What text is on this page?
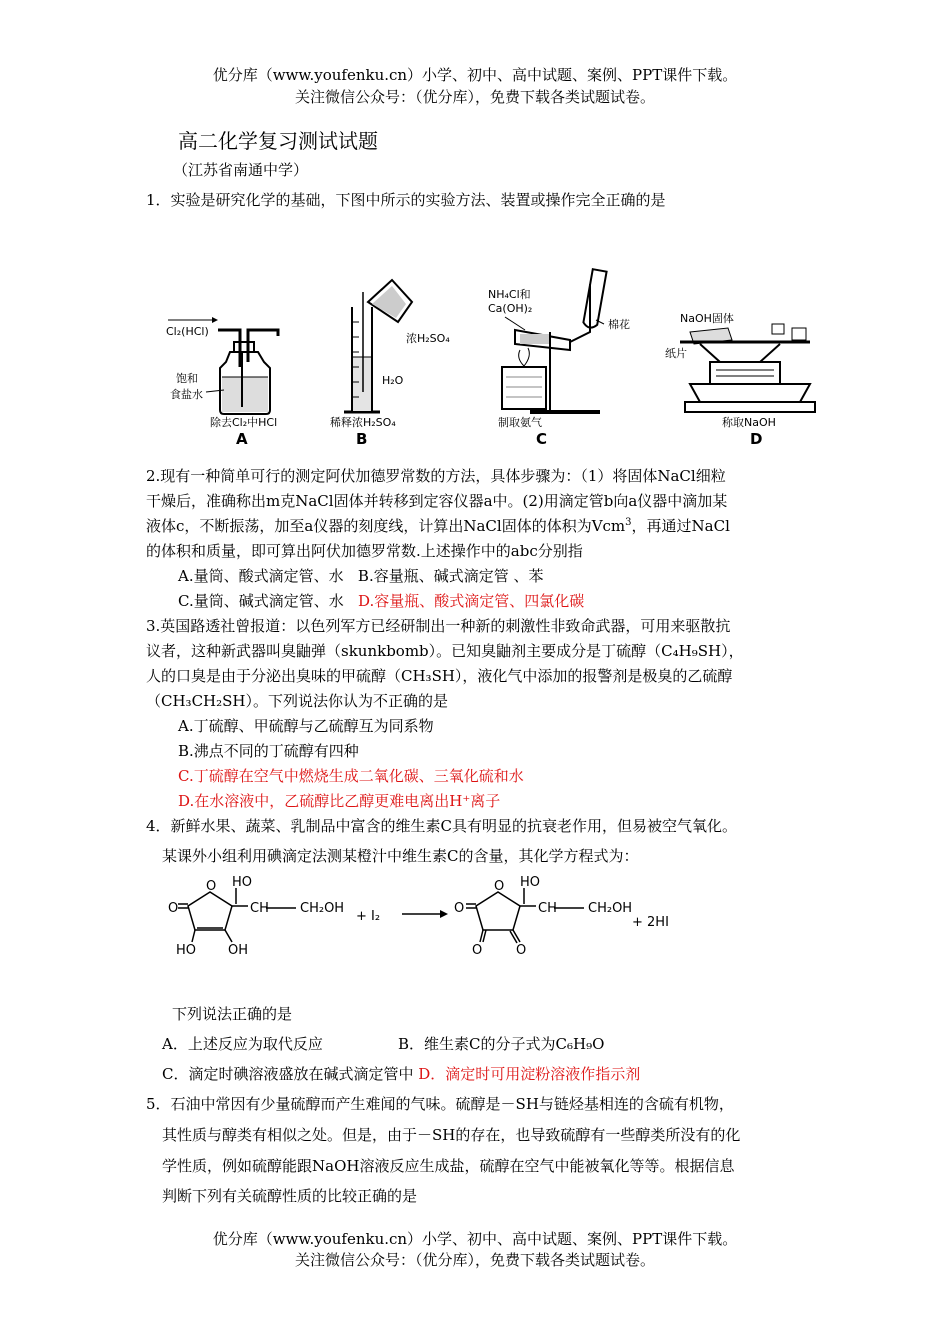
优分库（www.youfenku.cn）小学、初中、高中试题、案例、PPT课件下载。
关注微信公众号：（优分库），免费下载各类试题试卷。
高二化学复习测试试题
（江苏省南通中学）
1．实验是研究化学的基础，下图中所示的实验方法、装置或操作完全正确的是
Cl₂(HCl)
饱和
食盐水
除去Cl₂中HCl
A
浓H₂SO₄
H₂O
稀释浓H₂SO₄
B
NH₄Cl和
Ca(OH)₂
棉花
制取氨气
C
NaOH固体
纸片
称取NaOH
D
2.现有一种简单可行的测定阿伏加德罗常数的方法，具体步骤为：（1）将固体NaCl细粒
干燥后，准确称出m克NaCl固体并转移到定容仪器a中。(2)用滴定管b向a仪器中滴加某
液体c，不断振荡，加至a仪器的刻度线，计算出NaCl固体的体积为Vcm$^3$，再通过NaCl
的体积和质量，即可算出阿伏加德罗常数.上述操作中的abc分别指
A.量筒、酸式滴定管、水 B.容量瓶、碱式滴定管 、苯
C.量筒、碱式滴定管、水 D.容量瓶、酸式滴定管、四氯化碳
3.英国路透社曾报道：以色列军方已经研制出一种新的刺激性非致命武器，可用来驱散抗
议者，这种新武器叫臭鼬弹（skunkbomb）。已知臭鼬剂主要成分是丁硫醇（C₄H₉SH），
人的口臭是由于分泌出臭味的甲硫醇（CH₃SH），液化气中添加的报警剂是极臭的乙硫醇
（CH₃CH₂SH）。下列说法你认为不正确的是
A.丁硫醇、甲硫醇与乙硫醇互为同系物
B.沸点不同的丁硫醇有四种
C.丁硫醇在空气中燃烧生成二氧化碳、三氧化硫和水
D.在水溶液中，乙硫醇比乙醇更难电离出H⁺离子
4．新鲜水果、蔬菜、乳制品中富含的维生素C具有明显的抗衰老作用，但易被空气氧化。
某课外小组利用碘滴定法测某橙汁中维生素C的含量，其化学方程式为：
O
O HO
CH CH₂OH
HO OH
+ I₂
O
O HO
CH CH₂OH
O	O
+ 2HI
下列说法正确的是
A．上述反应为取代反应	B．维生素C的分子式为C₆H₉O
C．滴定时碘溶液盛放在碱式滴定管中 D．滴定时可用淀粉溶液作指示剂
5．石油中常因有少量硫醇而产生难闻的气味。硫醇是－SH与链烃基相连的含硫有机物，
其性质与醇类有相似之处。但是，由于－SH的存在，也导致硫醇有一些醇类所没有的化
学性质，例如硫醇能跟NaOH溶液反应生成盐，硫醇在空气中能被氧化等等。根据信息
判断下列有关硫醇性质的比较正确的是
优分库（www.youfenku.cn）小学、初中、高中试题、案例、PPT课件下载。
关注微信公众号：（优分库），免费下载各类试题试卷。
